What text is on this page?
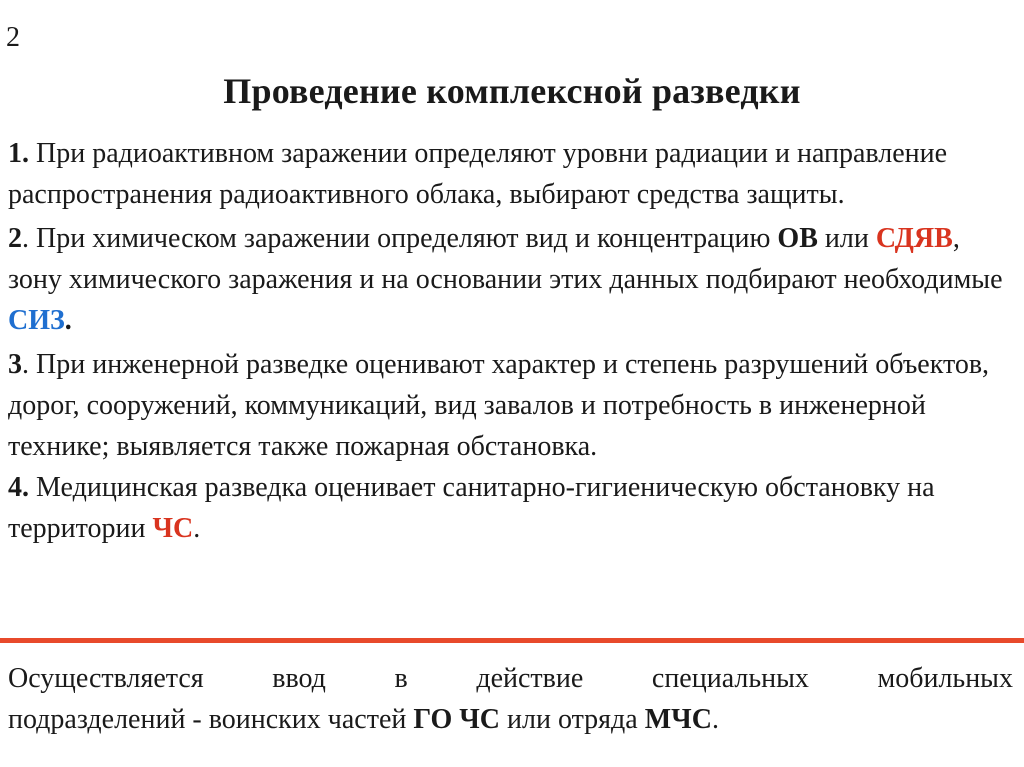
2
Проведение комплексной разведки
1. При радиоактивном заражении определяют уровни радиации и направление распространения радиоактивного облака, выбирают средства защиты.
2. При химическом заражении определяют вид и концентрацию ОВ или СДЯВ, зону химического заражения и на основании этих данных подбирают необходимые СИЗ.
3. При инженерной разведке оценивают характер и степень разрушений объектов, дорог, сооружений, коммуникаций, вид завалов и потребность в инженерной технике; выявляется также пожарная обстановка.
4. Медицинская разведка оценивает санитарно-гигиеническую обстановку на территории ЧС.
Осуществляется ввод в действие специальных мобильных
подразделений - воинских частей ГО ЧС или отряда МЧС.
